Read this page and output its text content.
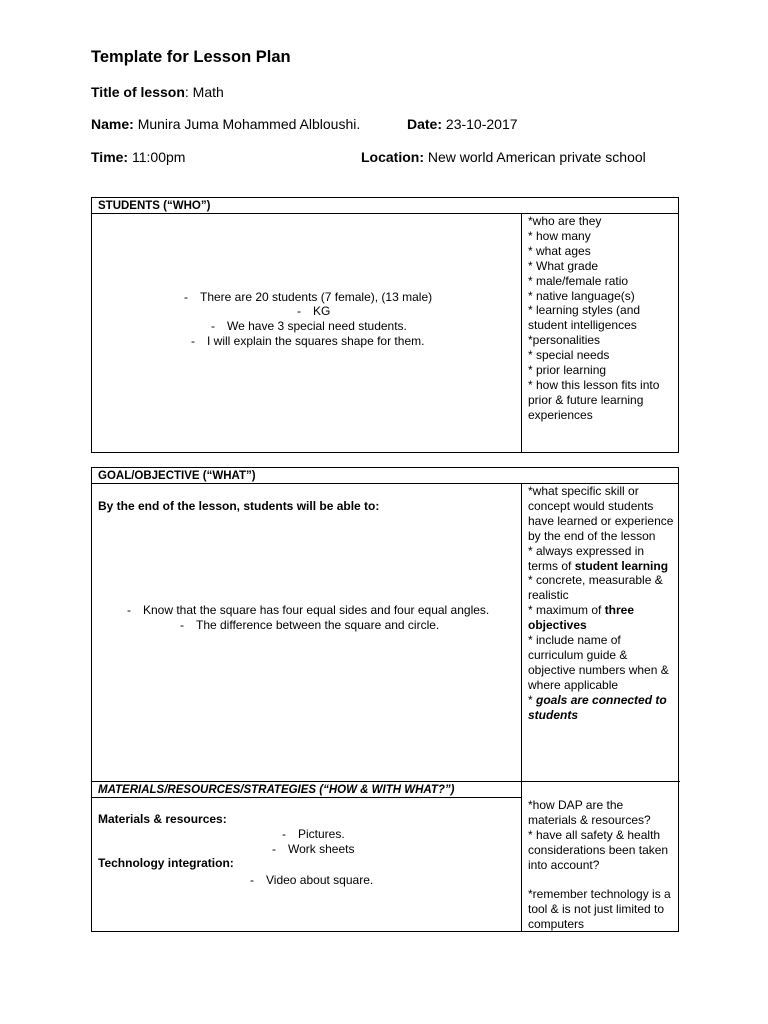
Template for Lesson Plan
Title of lesson: Math
Name: Munira Juma Mohammed Albloushi.	Date: 23-10-2017
Time: 11:00pm	Location: New world American private school
STUDENTS (“WHO”)
- There are 20 students (7 female), (13 male)
- KG
- We have 3 special need students.
- I will explain the squares shape for them.

*who are they

* how many

* what ages

* What grade

* male/female ratio

* native language(s)

* learning styles (and student intelligences

*personalities

* special needs

* prior learning

* how this lesson fits into prior & future learning experiences

GOAL/OBJECTIVE (“WHAT”)
By the end of the lesson, students will be able to:
- Know that the square has four equal sides and four equal angles.
- The difference between the square and circle.

*what specific skill or concept would students have learned or experience by the end of the lesson

* always expressed in terms of student learning

* concrete, measurable & realistic

* maximum of three objectives

* include name of curriculum guide & objective numbers when & where applicable

* goals are connected to students

MATERIALS/RESOURCES/STRATEGIES (“HOW & WITH WHAT?”)
Materials & resources:
- Pictures.
- Work sheets
Technology integration:
- Video about square.

*how DAP are the materials & resources?

* have all safety & health considerations been taken into account?

*remember technology is a tool & is not just limited to computers
